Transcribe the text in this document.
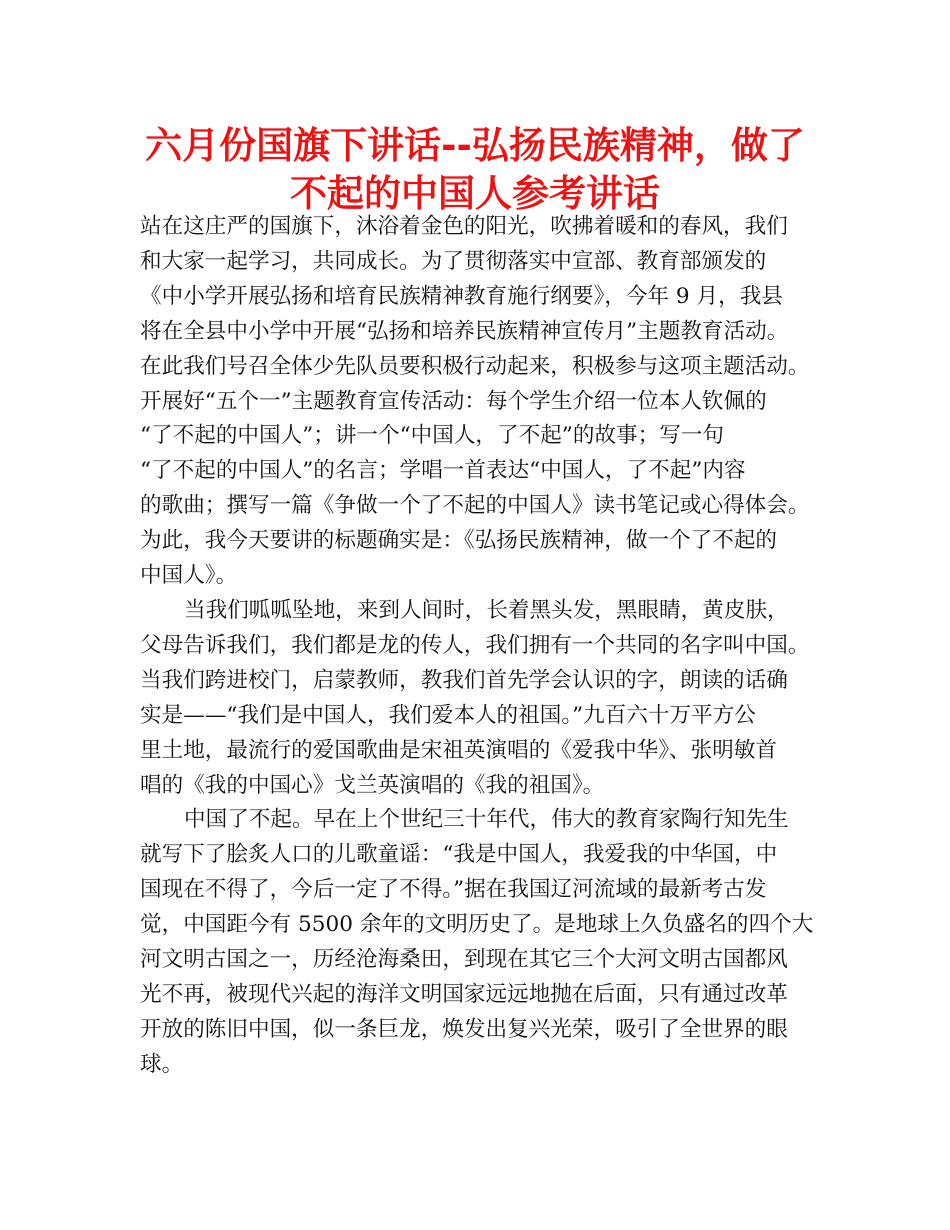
六月份国旗下讲话--弘扬民族精神，做了
不起的中国人参考讲话
站在这庄严的国旗下，沐浴着金色的阳光，吹拂着暖和的春风，我们
和大家一起学习，共同成长。为了贯彻落实中宣部、教育部颁发的
《中小学开展弘扬和培育民族精神教育施行纲要》，今年 9 月，我县
将在全县中小学中开展“弘扬和培养民族精神宣传月”主题教育活动。
在此我们号召全体少先队员要积极行动起来，积极参与这项主题活动。
开展好“五个一”主题教育宣传活动：每个学生介绍一位本人钦佩的
“了不起的中国人”；讲一个“中国人，了不起”的故事；写一句
“了不起的中国人”的名言；学唱一首表达“中国人，了不起”内容
的歌曲；撰写一篇《争做一个了不起的中国人》读书笔记或心得体会。
为此，我今天要讲的标题确实是：《弘扬民族精神，做一个了不起的
中国人》。
当我们呱呱坠地，来到人间时，长着黑头发，黑眼睛，黄皮肤，
父母告诉我们，我们都是龙的传人，我们拥有一个共同的名字叫中国。
当我们跨进校门，启蒙教师，教我们首先学会认识的字，朗读的话确
实是——“我们是中国人，我们爱本人的祖国。”九百六十万平方公
里土地，最流行的爱国歌曲是宋祖英演唱的《爱我中华》、张明敏首
唱的《我的中国心》戈兰英演唱的《我的祖国》。
中国了不起。早在上个世纪三十年代，伟大的教育家陶行知先生
就写下了脍炙人口的儿歌童谣：“我是中国人，我爱我的中华国，中
国现在不得了，今后一定了不得。”据在我国辽河流域的最新考古发
觉，中国距今有 5500 余年的文明历史了。是地球上久负盛名的四个大
河文明古国之一，历经沧海桑田，到现在其它三个大河文明古国都风
光不再，被现代兴起的海洋文明国家远远地抛在后面，只有通过改革
开放的陈旧中国，似一条巨龙，焕发出复兴光荣，吸引了全世界的眼
球。
